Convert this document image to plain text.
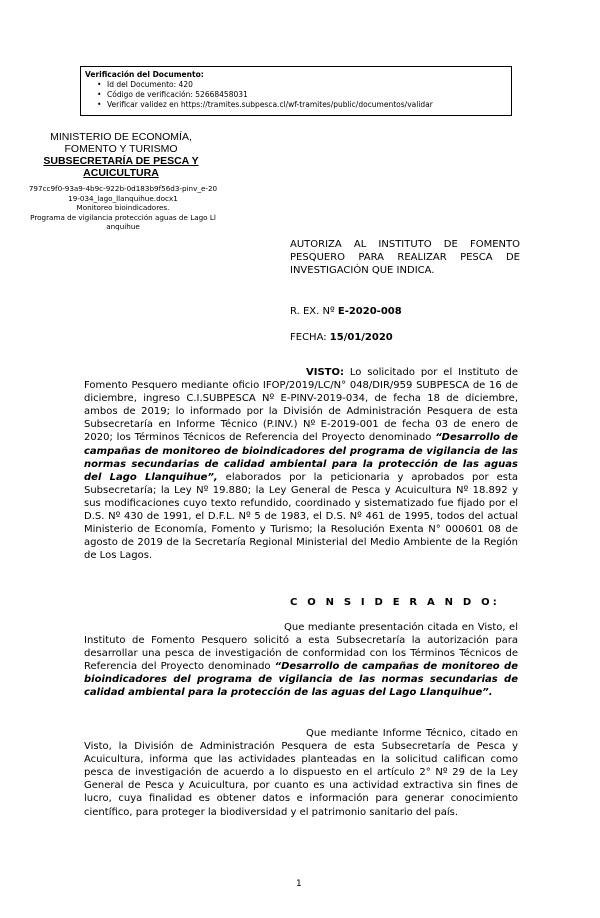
Verificación del Documento:
• Id del Documento: 420
• Código de verificación: 52668458031
• Verificar validez en https://tramites.subpesca.cl/wf-tramites/public/documentos/validar
MINISTERIO DE ECONOMÍA,
FOMENTO Y TURISMO
SUBSECRETARÍA DE PESCA Y ACUICULTURA
797cc9f0-93a9-4b9c-922b-0d183b9f56d3-pinv_e-2019-034_lago_llanquihue.docx1
Monitoreo bioindicadores.
Programa de vigilancia protección aguas de Lago Llanquihue
AUTORIZA AL INSTITUTO DE FOMENTO PESQUERO PARA REALIZAR PESCA DE INVESTIGACIÓN QUE INDICA.
R. EX. Nº E-2020-008
FECHA: 15/01/2020
VISTO: Lo solicitado por el Instituto de Fomento Pesquero mediante oficio IFOP/2019/LC/N° 048/DIR/959 SUBPESCA de 16 de diciembre, ingreso C.I.SUBPESCA Nº E-PINV-2019-034, de fecha 18 de diciembre, ambos de 2019; lo informado por la División de Administración Pesquera de esta Subsecretaría en Informe Técnico (P.INV.) Nº E-2019-001 de fecha 03 de enero de 2020; los Términos Técnicos de Referencia del Proyecto denominado “Desarrollo de campañas de monitoreo de bioindicadores del programa de vigilancia de las normas secundarias de calidad ambiental para la protección de las aguas del Lago Llanquihue”, elaborados por la peticionaria y aprobados por esta Subsecretaría; la Ley Nº 19.880; la Ley General de Pesca y Acuicultura Nº 18.892 y sus modificaciones cuyo texto refundido, coordinado y sistematizado fue fijado por el D.S. Nº 430 de 1991, el D.F.L. Nº 5 de 1983, el D.S. Nº 461 de 1995, todos del actual Ministerio de Economía, Fomento y Turismo; la Resolución Exenta N° 000601 08 de agosto de 2019 de la Secretaría Regional Ministerial del Medio Ambiente de la Región de Los Lagos.
C O N S I D E R A N D O:
Que mediante presentación citada en Visto, el Instituto de Fomento Pesquero solicitó a esta Subsecretaría la autorización para desarrollar una pesca de investigación de conformidad con los Términos Técnicos de Referencia del Proyecto denominado “Desarrollo de campañas de monitoreo de bioindicadores del programa de vigilancia de las normas secundarias de calidad ambiental para la protección de las aguas del Lago Llanquihue”.
Que mediante Informe Técnico, citado en Visto, la División de Administración Pesquera de esta Subsecretaría de Pesca y Acuicultura, informa que las actividades planteadas en la solicitud califican como pesca de investigación de acuerdo a lo dispuesto en el artículo 2° Nº 29 de la Ley General de Pesca y Acuicultura, por cuanto es una actividad extractiva sin fines de lucro, cuya finalidad es obtener datos e información para generar conocimiento científico, para proteger la biodiversidad y el patrimonio sanitario del país.
1
